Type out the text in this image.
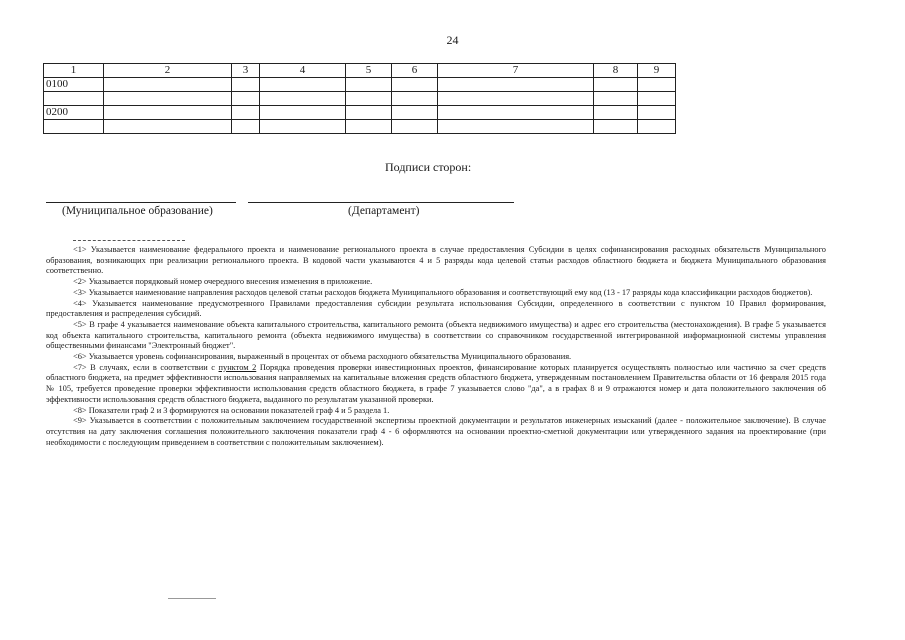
24
1	2	3	4	5	6	7	8	9
0100								

0200								

Подписи сторон:
(Муниципальное образование)	(Департамент)

<1> Указывается наименование федерального проекта и наименование регионального проекта в случае предоставления Субсидии в целях софинансирования расходных обязательств Муниципального образования, возникающих при реализации регионального проекта. В кодовой части указываются 4 и 5 разряды кода целевой статьи расходов областного бюджета и бюджета Муниципального образования соответственно.

<2> Указывается порядковый номер очередного внесения изменения в приложение.

<3> Указывается наименование направления расходов целевой статьи расходов бюджета Муниципального образования и соответствующий ему код (13 - 17 разряды кода классификации расходов бюджетов).

<4> Указывается наименование предусмотренного Правилами предоставления субсидии результата использования Субсидии, определенного в соответствии с пунктом 10 Правил формирования, предоставления и распределения субсидий.

<5> В графе 4 указывается наименование объекта капитального строительства, капитального ремонта (объекта недвижимого имущества) и адрес его строительства (местонахождения). В графе 5 указывается код объекта капитального строительства, капитального ремонта (объекта недвижимого имущества) в соответствии со справочником государственной интегрированной информационной системы управления общественными финансами "Электронный бюджет".

<6> Указывается уровень софинансирования, выраженный в процентах от объема расходного обязательства Муниципального образования.

<7> В случаях, если в соответствии с пунктом 2 Порядка проведения проверки инвестиционных проектов, финансирование которых планируется осуществлять полностью или частично за счет средств областного бюджета, на предмет эффективности использования направляемых на капитальные вложения средств областного бюджета, утвержденным постановлением Правительства области от 16 февраля 2015 года № 105, требуется проведение проверки эффективности использования средств областного бюджета, в графе 7 указывается слово "да", а в графах 8 и 9 отражаются номер и дата положительного заключения об эффективности использования средств областного бюджета, выданного по результатам указанной проверки.

<8> Показатели граф 2 и 3 формируются на основании показателей граф 4 и 5 раздела 1.

<9> Указывается в соответствии с положительным заключением государственной экспертизы проектной документации и результатов инженерных изысканий (далее - положительное заключение). В случае отсутствия на дату заключения соглашения положительного заключения показатели граф 4 - 6 оформляются на основании проектно-сметной документации или утвержденного задания на проектирование (при необходимости с последующим приведением в соответствии с положительным заключением).
